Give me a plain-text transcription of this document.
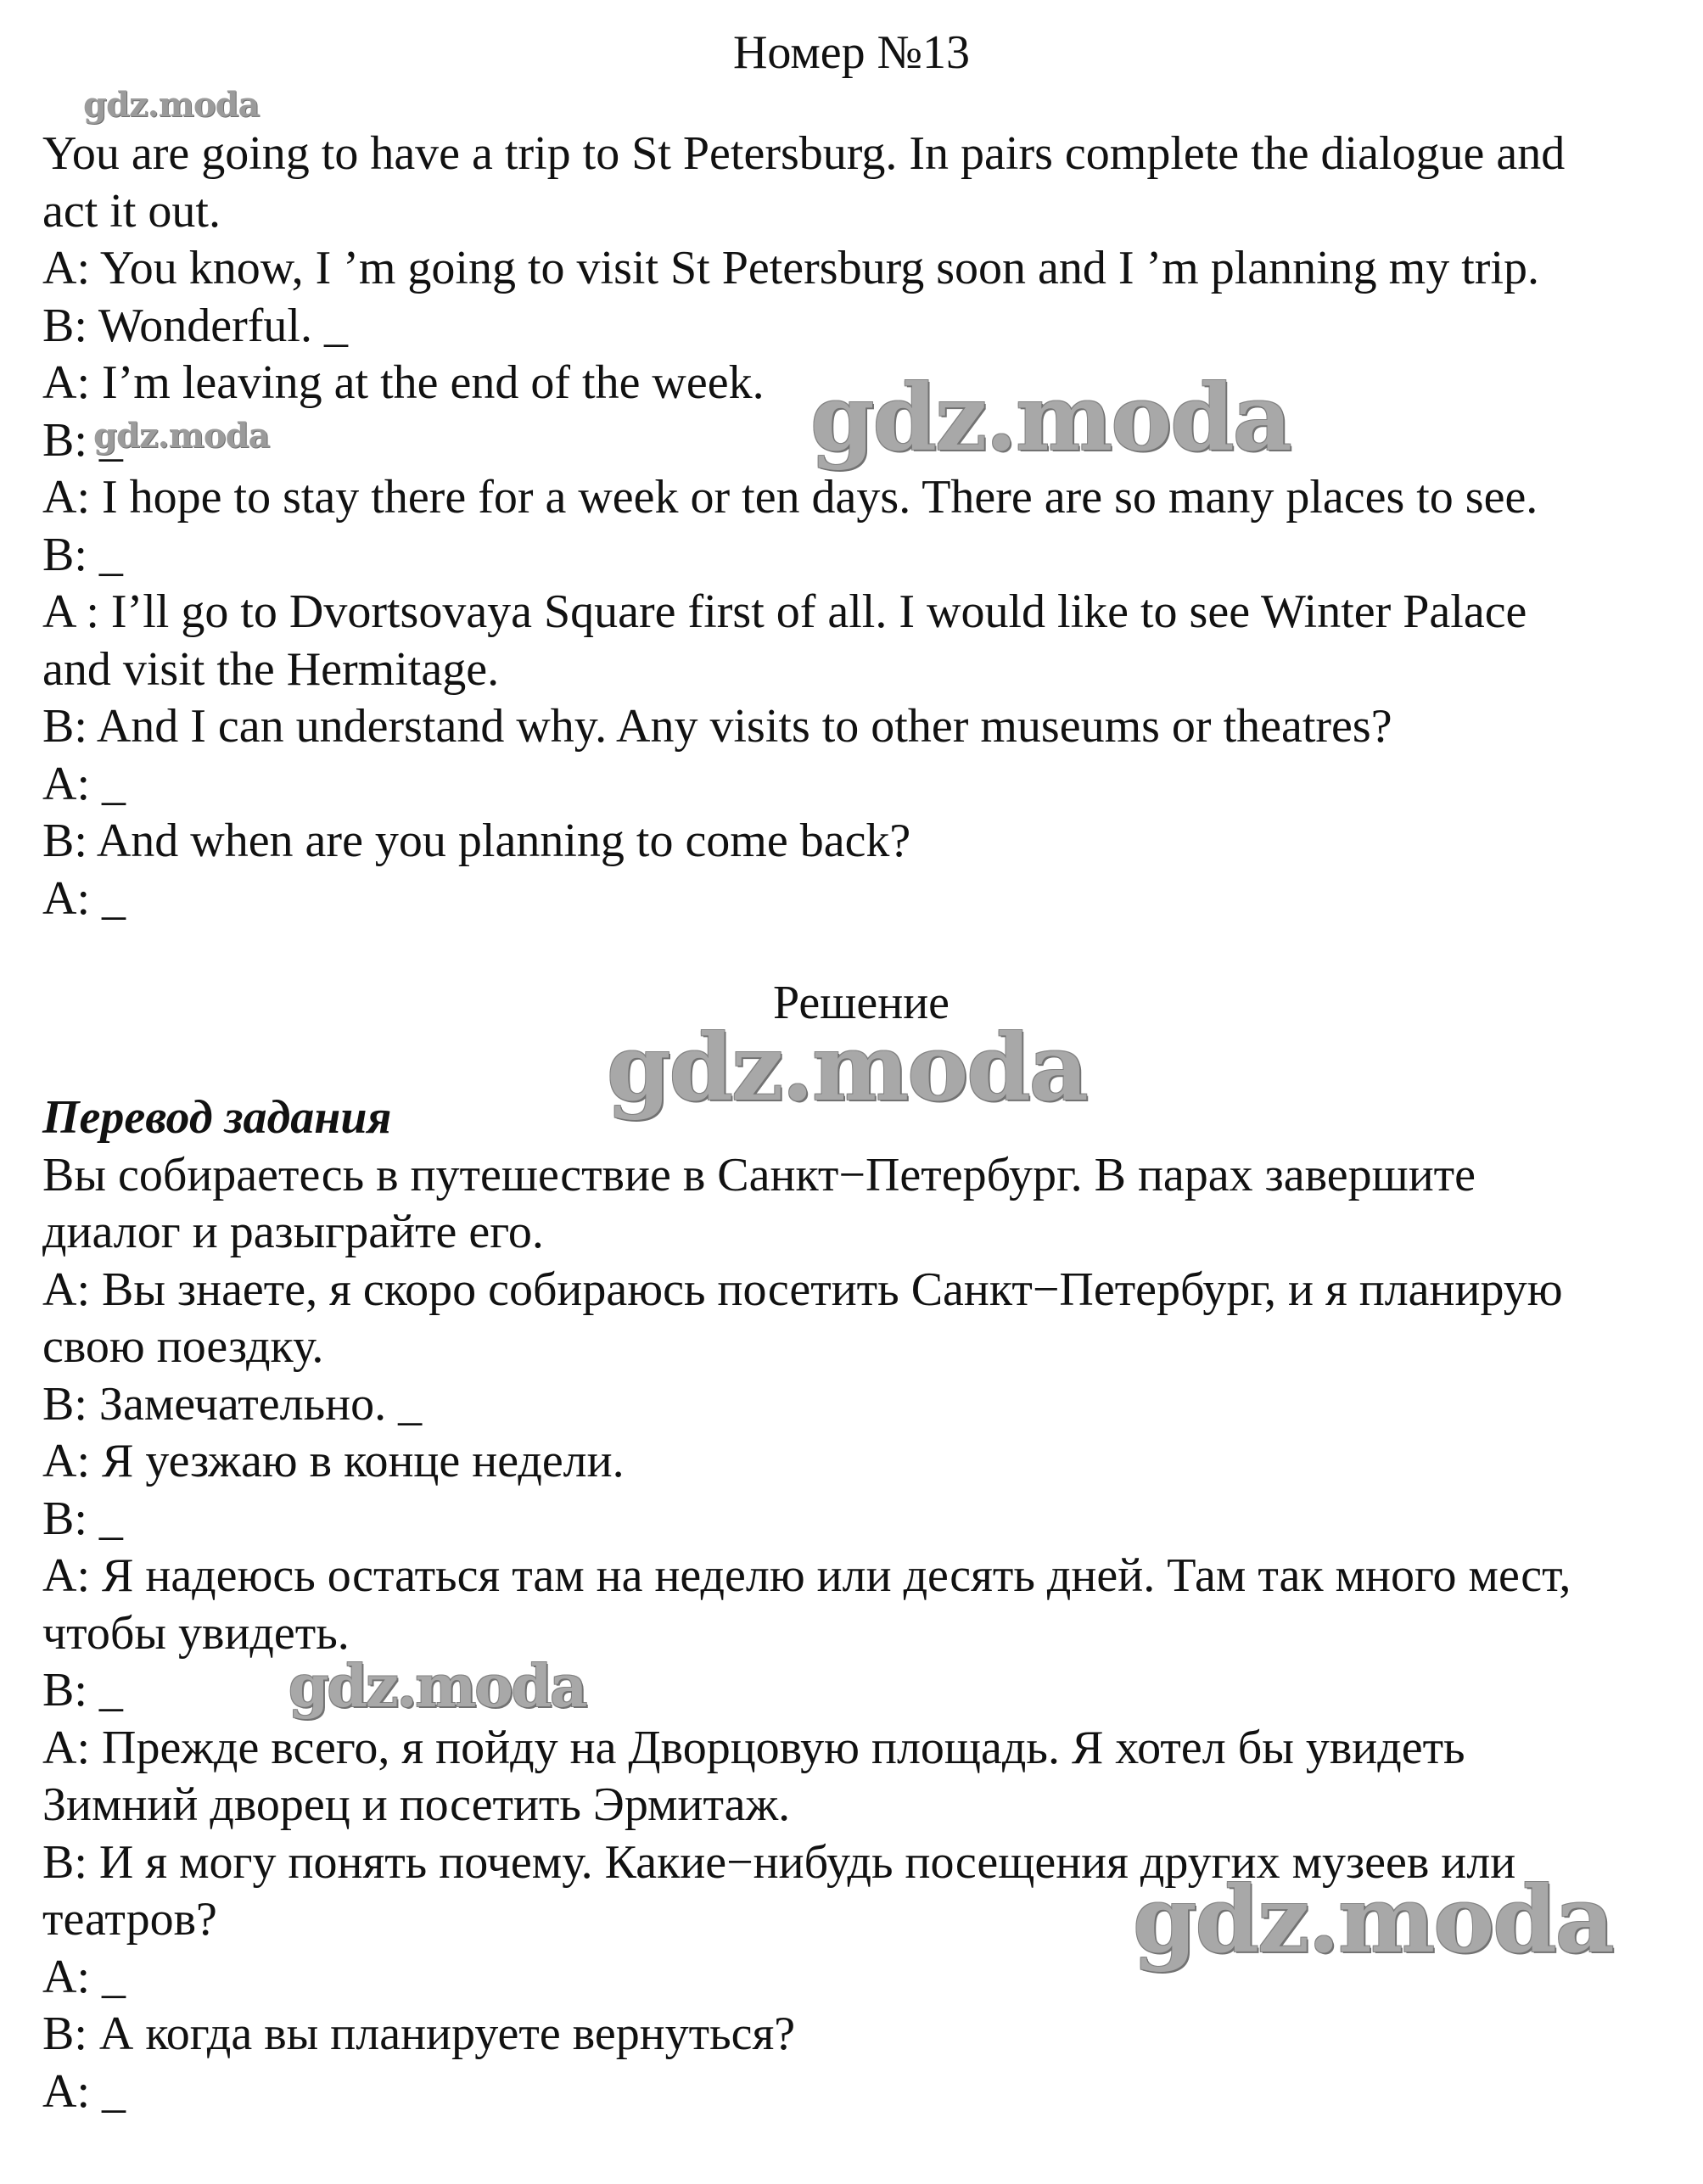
Номер №13
You are going to have a trip to St Petersburg. In pairs complete the dialogue and
act it out.
A: You know, I ’m going to visit St Petersburg soon and I ’m planning my trip.
B: Wonderful. _
A: I’m leaving at the end of the week.
B: _
A: I hope to stay there for a week or ten days. There are so many places to see.
B: _
A : I’ll go to Dvortsovaya Square first of all. I would like to see Winter Palace
and visit the Hermitage.
B: And I can understand why. Any visits to other museums or theatres?
A: _
B: And when are you planning to come back?
A: _
Решение
Перевод задания
Вы собираетесь в путешествие в Санкт−Петербург. В парах завершите
диалог и разыграйте его.
A: Вы знаете, я скоро собираюсь посетить Санкт−Петербург, и я планирую
свою поездку.
B: Замечательно. _
A: Я уезжаю в конце недели.
B: _
A: Я надеюсь остаться там на неделю или десять дней. Там так много мест,
чтобы увидеть.
B: _
A: Прежде всего, я пойду на Дворцовую площадь. Я хотел бы увидеть
Зимний дворец и посетить Эрмитаж.
B: И я могу понять почему. Какие−нибудь посещения других музеев или
театров?
A: _
B: А когда вы планируете вернуться?
A: _
gdz.moda
gdz.moda	gdz.moda
gdz.moda
gdz.moda
gdz.moda
